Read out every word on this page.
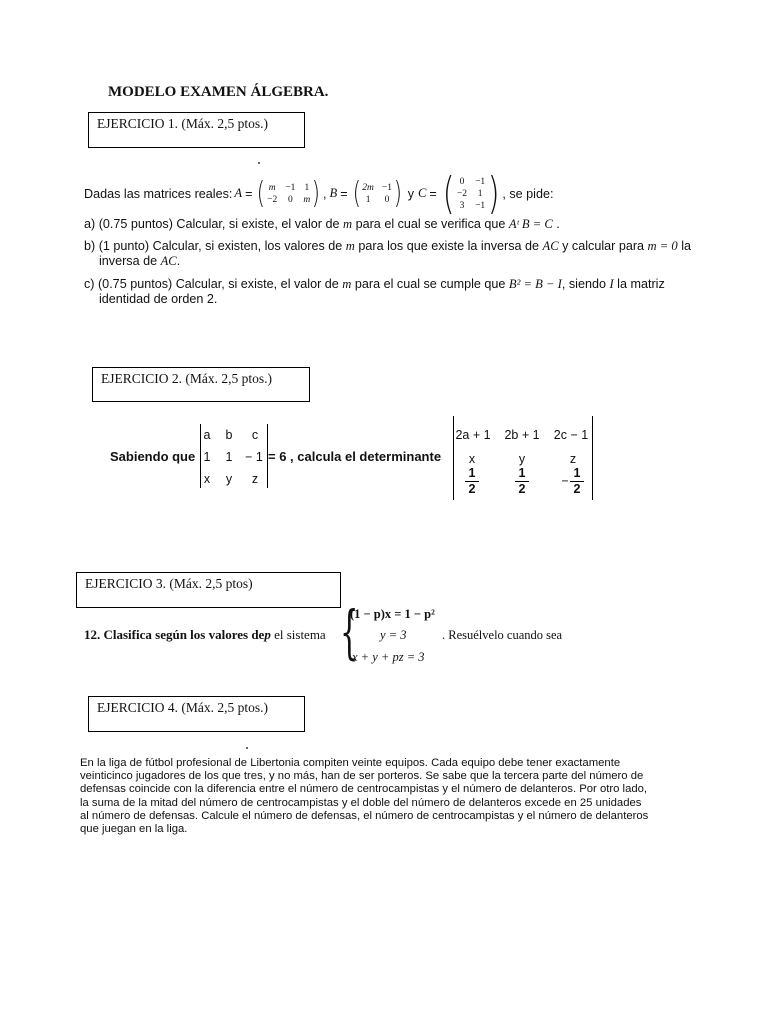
MODELO EXAMEN ÁLGEBRA.
EJERCICIO 1. (Máx. 2,5 ptos.)
Dadas las matrices reales: A = ( m −1 1
−2 0 m ) , B = ( 2m −1
1	0 ) y C = ( 0 −1
−2 1
3 −1 ) , se pide:
a) (0.75 puntos) Calcular, si existe, el valor de m para el cual se verifica que Aᵗ B = C .
b) (1 punto) Calcular, si existen, los valores de m para los que existe la inversa de AC y calcular para m = 0 la
inversa de AC.
c) (0.75 puntos) Calcular, si existe, el valor de m para el cual se cumple que B² = B − I, siendo I la matriz
identidad de orden 2.
EJERCICIO 2. (Máx. 2,5 ptos.)
Sabiendo que
a b	c
1 1 − 1
x	y	z
= 6 , calcula el determinante
2a + 1 2b + 1 2c − 1
x	y	z
$\frac{1}{2}$	$\frac{1}{2}$	− $\frac{1}{2}$
EJERCICIO 3. (Máx. 2,5 ptos)
12. Clasifica según los valores dep el sistema {
(1 − p)x = 1 − p²
y = 3
x + y + pz = 3
. Resuélvelo cuando sea
EJERCICIO 4. (Máx. 2,5 ptos.)
En la liga de fútbol profesional de Libertonia compiten veinte equipos. Cada equipo debe tener exactamente
veinticinco jugadores de los que tres, y no más, han de ser porteros. Se sabe que la tercera parte del número de
defensas coincide con la diferencia entre el número de centrocampistas y el número de delanteros. Por otro lado,
la suma de la mitad del número de centrocampistas y el doble del número de delanteros excede en 25 unidades
al número de defensas. Calcule el número de defensas, el número de centrocampistas y el número de delanteros
que juegan en la liga.
